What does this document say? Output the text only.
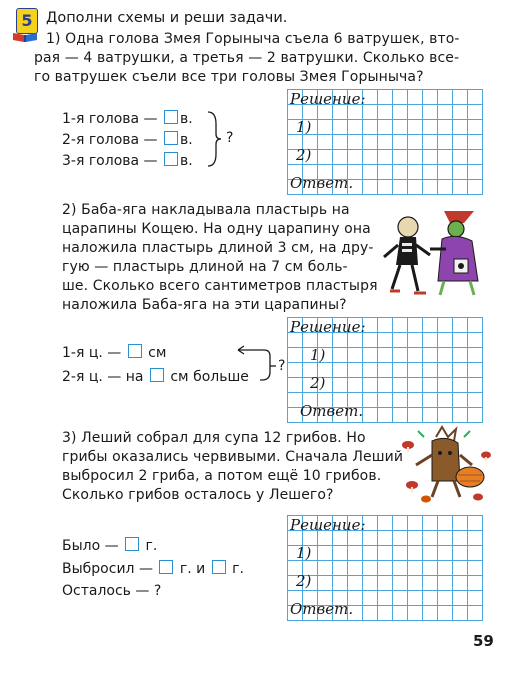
5 Дополни схемы и реши задачи.
1) Одна голова Змея Горыныча съела 6 ватрушек, вто-
рая — 4 ватрушки, а третья — 2 ватрушки. Сколько все-
го ватрушек съели все три головы Змея Горыныча?
1-я голова — в.
2-я голова — в.
3-я голова — в.
?
Решение:
1)
2)
Ответ.
2) Баба-яга накладывала пластырь на
царапины Кощею. На одну царапину она
наложила пластырь длиной 3 см, на дру-
гую — пластырь длиной на 7 см боль-
ше. Сколько всего сантиметров пластыря
наложила Баба-яга на эти царапины?
1-я ц. — см
2-я ц. — на см больше
?
Решение:
1)
2)
Ответ.
3) Леший собрал для супа 12 грибов. Но
грибы оказались червивыми. Сначала Леший
выбросил 2 гриба, а потом ещё 10 грибов.
Сколько грибов осталось у Лешего?
Было — г.
Выбросил — г. и г.
Осталось — ?
Решение:
1)
2)
Ответ.
59
